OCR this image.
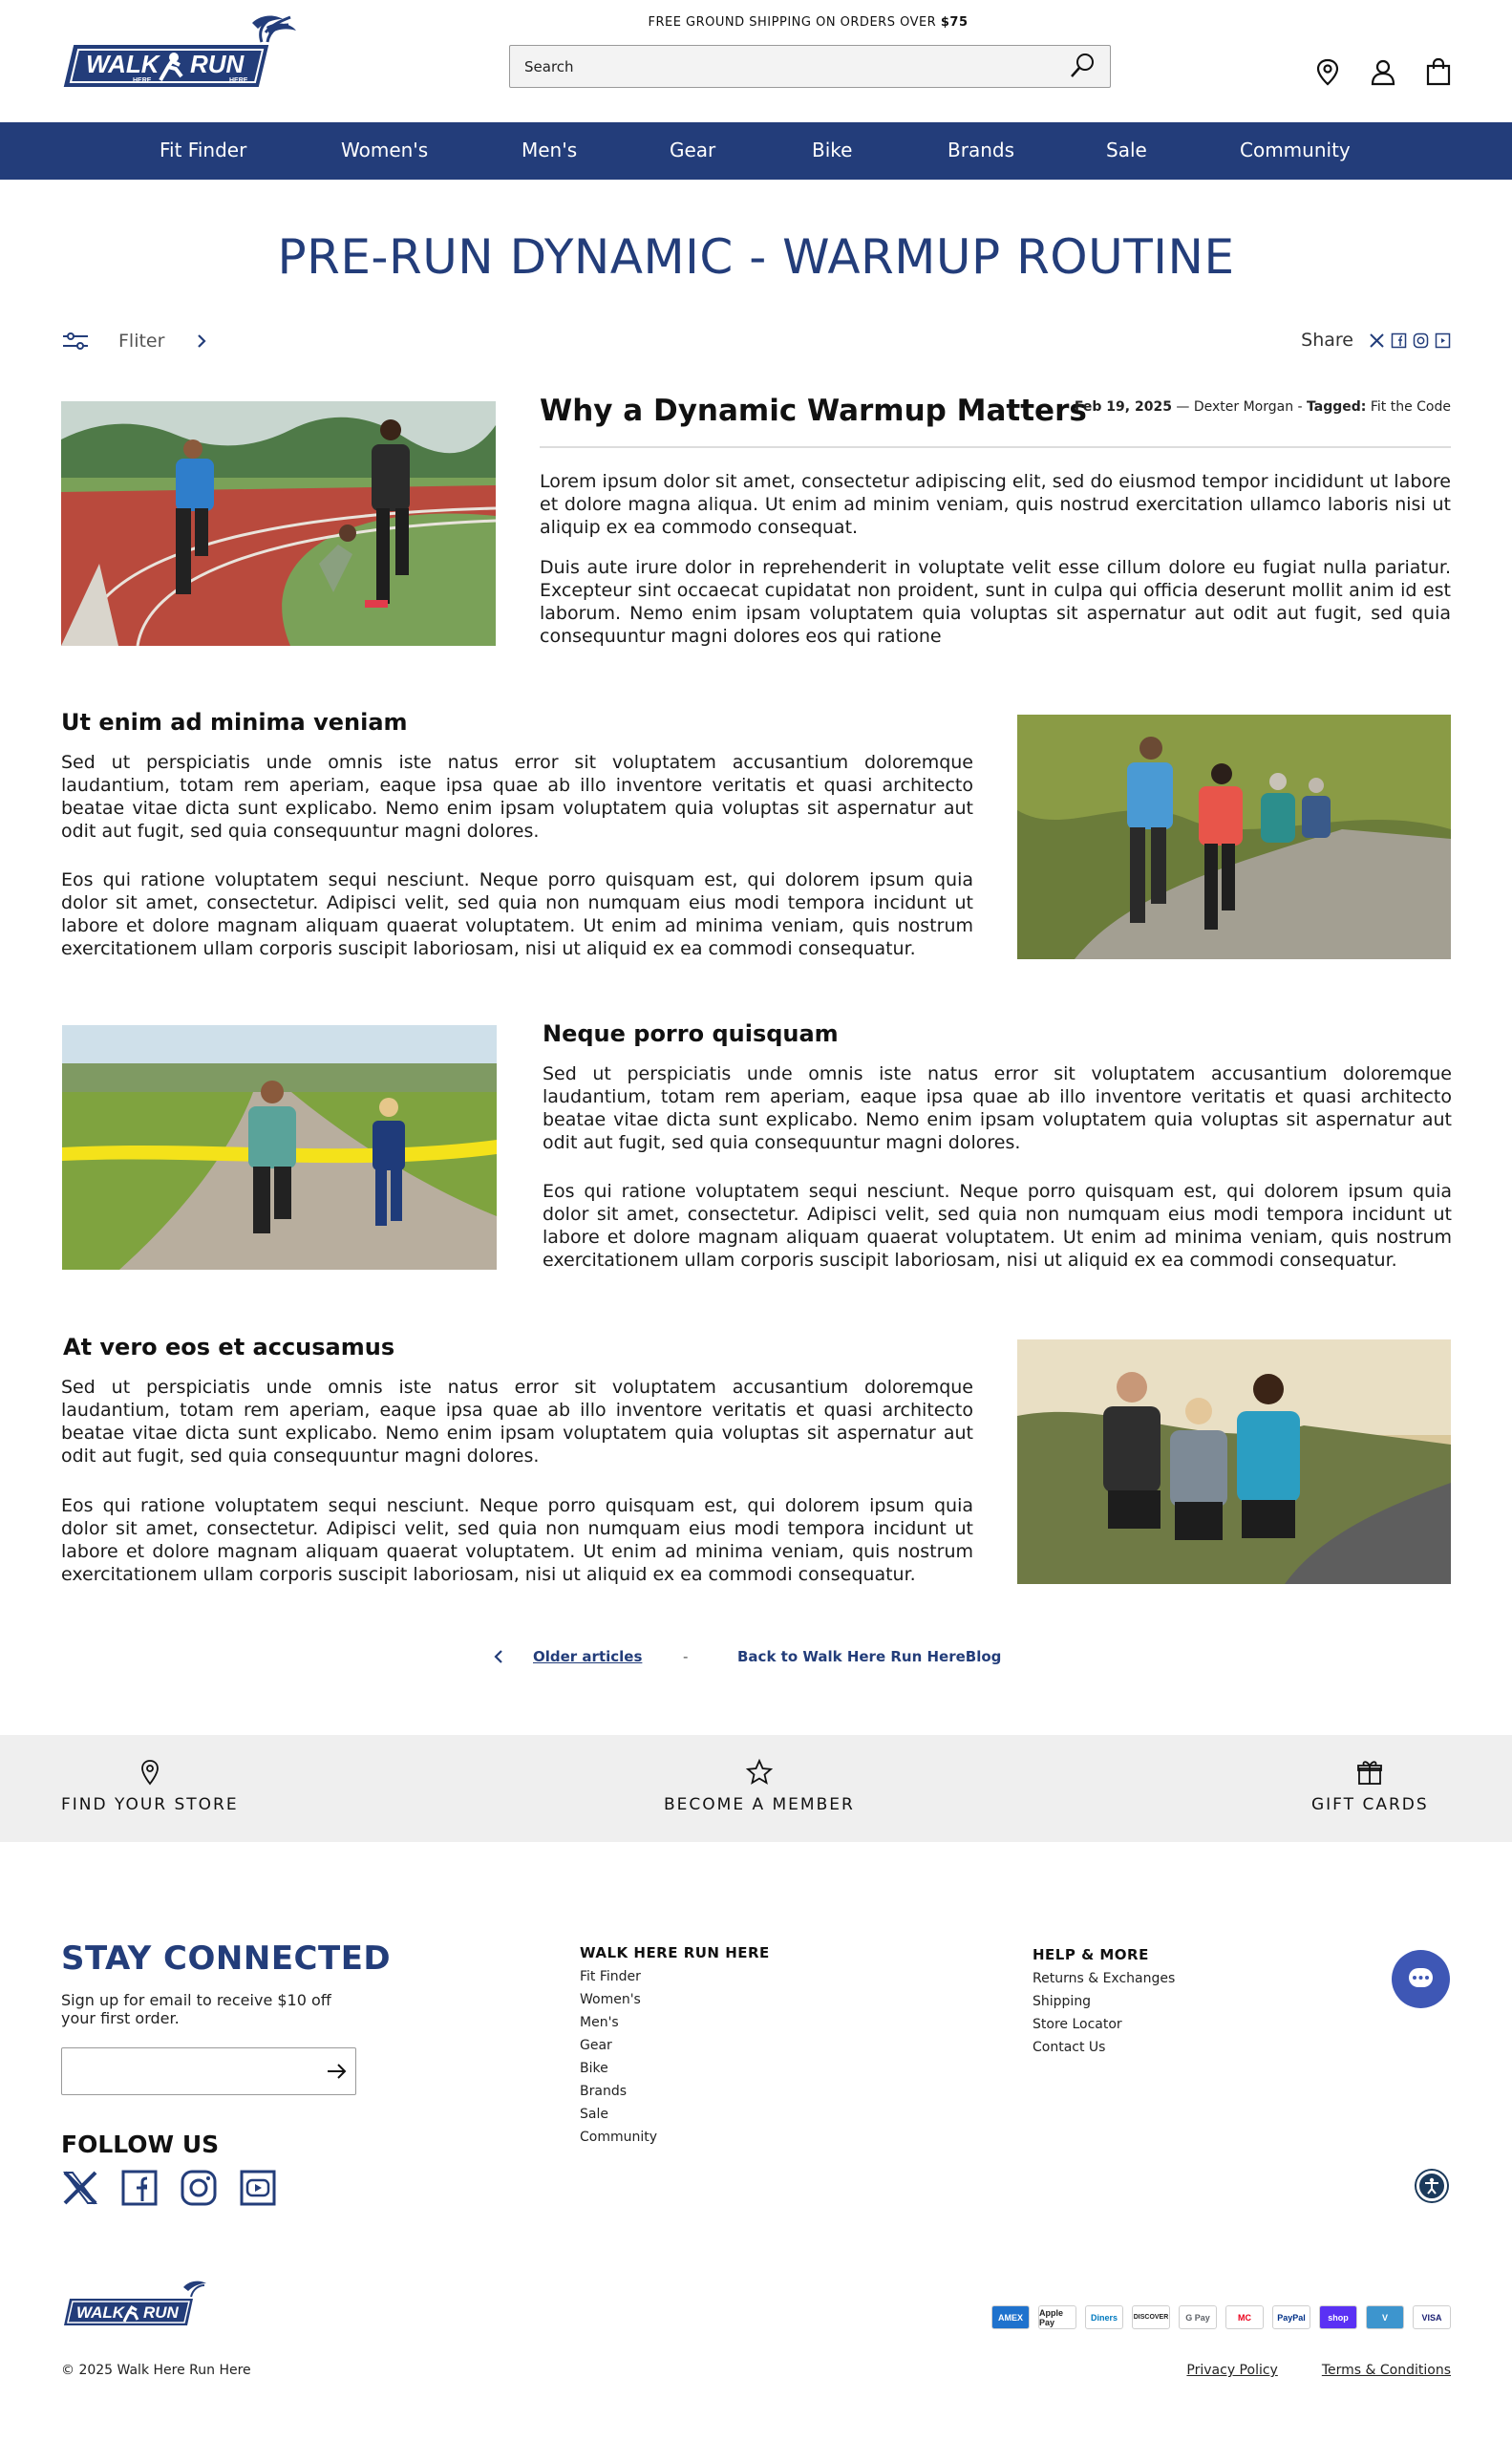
WALK RUN
HERE	HERE
FREE GROUND SHIPPING ON ORDERS OVER $75
Search
Fit Finder	Women's	Men's	Gear	Bike	Brands	Sale	Community
PRE-RUN DYNAMIC - WARMUP ROUTINE
Fliter	Share
Why a Dynamic Warmup Matters
Feb 19, 2025 — Dexter Morgan - Tagged: Fit the Code

Lorem ipsum dolor sit amet, consectetur adipiscing elit, sed do eiusmod tempor incididunt ut labore et dolore magna aliqua. Ut enim ad minim veniam, quis nostrud exercitation ullamco laboris nisi ut aliquip ex ea commodo consequat.

Duis aute irure dolor in reprehenderit in voluptate velit esse cillum dolore eu fugiat nulla pariatur. Excepteur sint occaecat cupidatat non proident, sunt in culpa qui officia deserunt mollit anim id est laborum. Nemo enim ipsam voluptatem quia voluptas sit aspernatur aut odit aut fugit, sed quia consequuntur magni dolores eos qui ratione

Ut enim ad minima veniam

Sed ut perspiciatis unde omnis iste natus error sit voluptatem accusantium doloremque laudantium, totam rem aperiam, eaque ipsa quae ab illo inventore veritatis et quasi architecto beatae vitae dicta sunt explicabo. Nemo enim ipsam voluptatem quia voluptas sit aspernatur aut odit aut fugit, sed quia consequuntur magni dolores.

Eos qui ratione voluptatem sequi nesciunt. Neque porro quisquam est, qui dolorem ipsum quia dolor sit amet, consectetur. Adipisci velit, sed quia non numquam eius modi tempora incidunt ut labore et dolore magnam aliquam quaerat voluptatem. Ut enim ad minima veniam, quis nostrum exercitationem ullam corporis suscipit laboriosam, nisi ut aliquid ex ea commodi consequatur.

Neque porro quisquam

Sed ut perspiciatis unde omnis iste natus error sit voluptatem accusantium doloremque laudantium, totam rem aperiam, eaque ipsa quae ab illo inventore veritatis et quasi architecto beatae vitae dicta sunt explicabo. Nemo enim ipsam voluptatem quia voluptas sit aspernatur aut odit aut fugit, sed quia consequuntur magni dolores.

Eos qui ratione voluptatem sequi nesciunt. Neque porro quisquam est, qui dolorem ipsum quia dolor sit amet, consectetur. Adipisci velit, sed quia non numquam eius modi tempora incidunt ut labore et dolore magnam aliquam quaerat voluptatem. Ut enim ad minima veniam, quis nostrum exercitationem ullam corporis suscipit laboriosam, nisi ut aliquid ex ea commodi consequatur.

At vero eos et accusamus

Sed ut perspiciatis unde omnis iste natus error sit voluptatem accusantium doloremque laudantium, totam rem aperiam, eaque ipsa quae ab illo inventore veritatis et quasi architecto beatae vitae dicta sunt explicabo. Nemo enim ipsam voluptatem quia voluptas sit aspernatur aut odit aut fugit, sed quia consequuntur magni dolores.

Eos qui ratione voluptatem sequi nesciunt. Neque porro quisquam est, qui dolorem ipsum quia dolor sit amet, consectetur. Adipisci velit, sed quia non numquam eius modi tempora incidunt ut labore et dolore magnam aliquam quaerat voluptatem. Ut enim ad minima veniam, quis nostrum exercitationem ullam corporis suscipit laboriosam, nisi ut aliquid ex ea commodi consequatur.

Older articles	-	Back to Walk Here Run HereBlog
FIND YOUR STORE	BECOME A MEMBER	GIFT CARDS
STAY CONNECTED

Sign up for email to receive $10 off your first order.

FOLLOW US
WALK HERE RUN HERE
Fit Finder
Women's
Men's
Gear
Bike
Brands
Sale
Community
HELP & MORE
Returns & Exchanges
Shipping
Store Locator
Contact Us
WALK RUN	AMEX	Apple Pay	Diners	DISCOVER	G Pay	MC	PayPal	shop	V	VISA
© 2025 Walk Here Run Here	Privacy Policy	Terms & Conditions
